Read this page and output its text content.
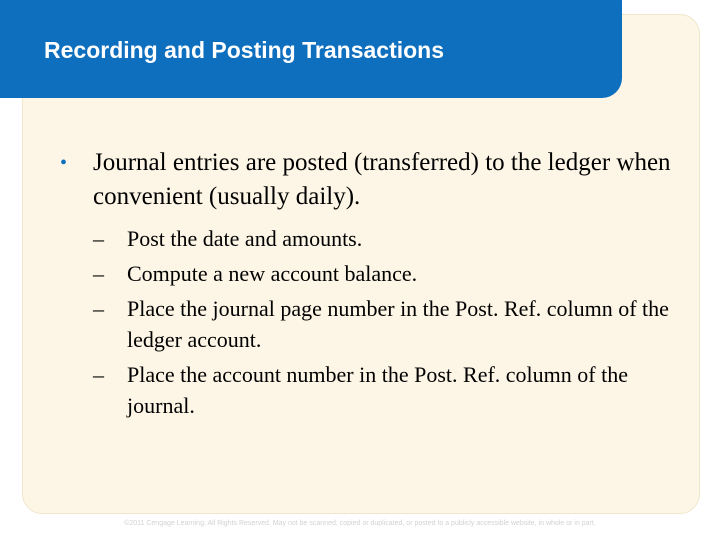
Recording and Posting Transactions
• Journal entries are posted (transferred) to the ledger when convenient (usually daily).
– Post the date and amounts.
– Compute a new account balance.
– Place the journal page number in the Post. Ref. column of the ledger account.
– Place the account number in the Post. Ref. column of the journal.
©2011 Cengage Learning. All Rights Reserved. May not be scanned, copied or duplicated, or posted to a publicly accessible website, in whole or in part.
